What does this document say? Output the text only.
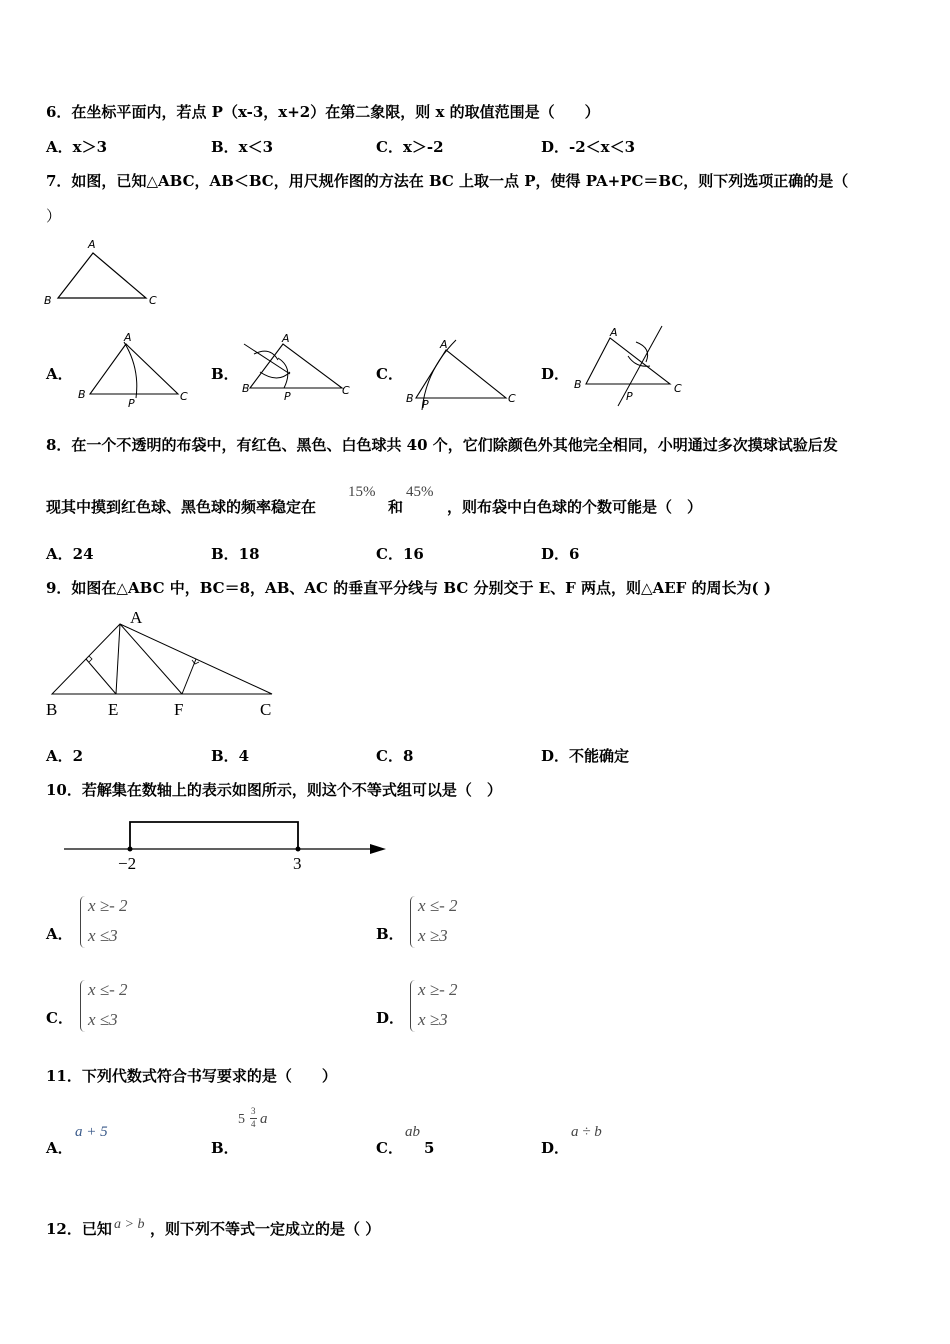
6．在坐标平面内，若点 P（x-3，x+2）在第二象限，则 x 的取值范围是（　　）
A．x＞3	B．x＜3	C．x＞-2	D．-2＜x＜3
7．如图，已知△ABC，AB＜BC，用尺规作图的方法在 BC 上取一点 P，使得 PA+PC＝BC，则下列选项正确的是（
）
A
B	C
A．
A
B
P
C
B．
A
B
P	C
C．
A
B P	C
D．
A
B
P
C
8．在一个不透明的布袋中，有红色、黑色、白色球共 40 个，它们除颜色外其他完全相同，小明通过多次摸球试验后发
现其中摸到红色球、黑色球的频率稳定在
15%
和
45%
，则布袋中白色球的个数可能是（　）
A．24	B．18	C．16	D．6
9．如图在△ABC 中，BC＝8，AB、AC 的垂直平分线与 BC 分别交于 E、F 两点，则△AEF 的周长为( )
A
B	E	F	C
A．2	B．4	C．8	D．不能确定
10．若解集在数轴上的表示如图所示，则这个不等式组可以是（　）
−2	3
A．
x ≥- 2
x ≤3	B．
x ≤- 2
x ≥3
C．
x ≤- 2
x ≤3	D．
x ≥- 2
x ≥3
11．下列代数式符合书写要求的是（　　）
A．
a + 5
B．
5
3
4 a
C．
ab
5	D．
a ÷ b
12．已知 a > b ，则下列不等式一定成立的是（ ）
